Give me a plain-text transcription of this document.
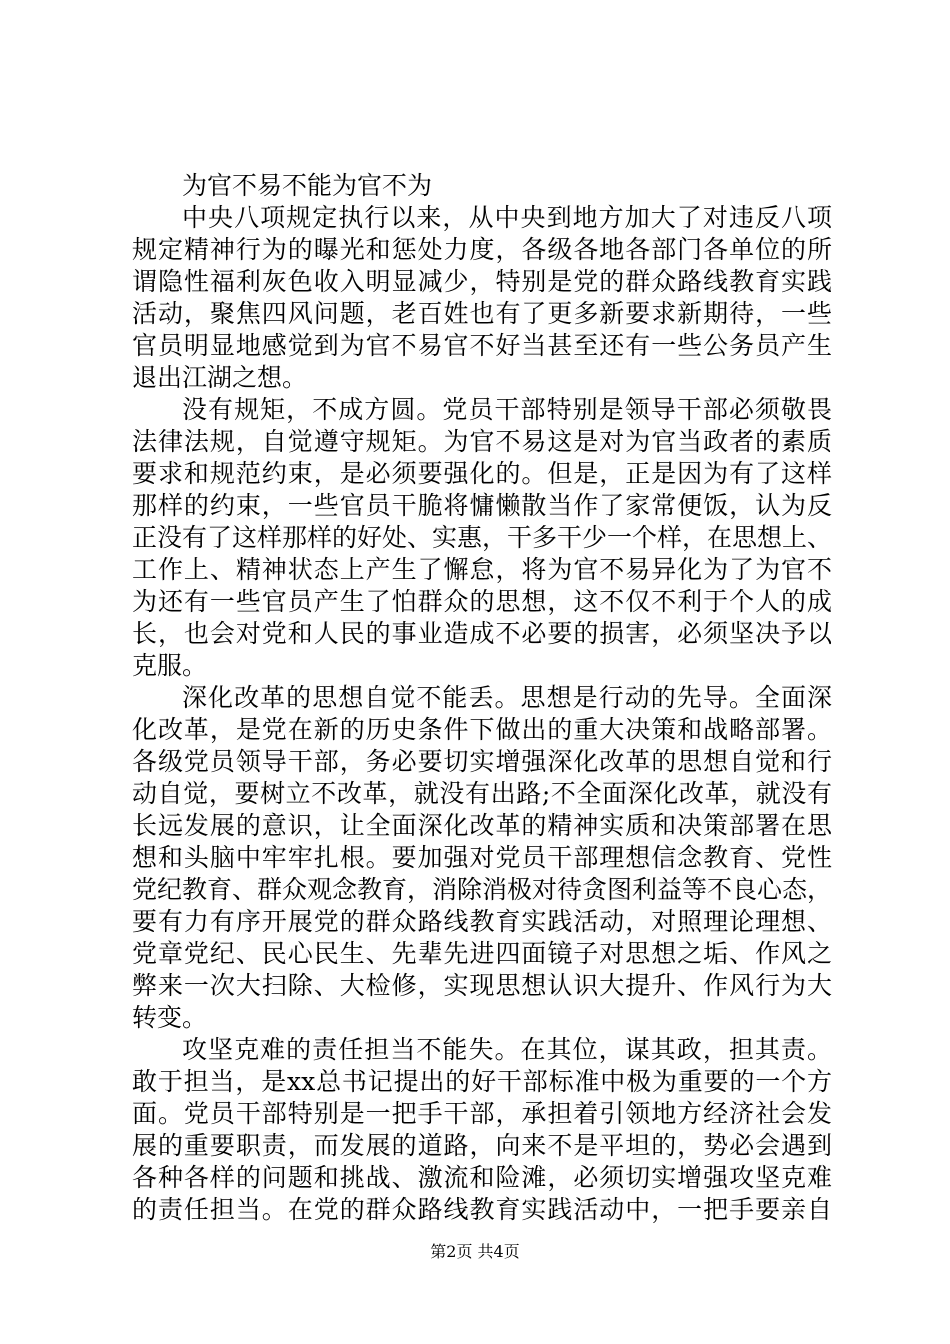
为官不易不能为官不为
中央八项规定执行以来，从中央到地方加大了对违反八项
规定精神行为的曝光和惩处力度，各级各地各部门各单位的所
谓隐性福利灰色收入明显减少，特别是党的群众路线教育实践
活动，聚焦四风问题，老百姓也有了更多新要求新期待，一些
官员明显地感觉到为官不易官不好当甚至还有一些公务员产生
退出江湖之想。
没有规矩，不成方圆。党员干部特别是领导干部必须敬畏
法律法规，自觉遵守规矩。为官不易这是对为官当政者的素质
要求和规范约束，是必须要强化的。但是，正是因为有了这样
那样的约束，一些官员干脆将慵懒散当作了家常便饭，认为反
正没有了这样那样的好处、实惠，干多干少一个样，在思想上、
工作上、精神状态上产生了懈怠，将为官不易异化为了为官不
为还有一些官员产生了怕群众的思想，这不仅不利于个人的成
长，也会对党和人民的事业造成不必要的损害，必须坚决予以
克服。
深化改革的思想自觉不能丢。思想是行动的先导。全面深
化改革，是党在新的历史条件下做出的重大决策和战略部署。
各级党员领导干部，务必要切实增强深化改革的思想自觉和行
动自觉，要树立不改革，就没有出路;不全面深化改革，就没有
长远发展的意识，让全面深化改革的精神实质和决策部署在思
想和头脑中牢牢扎根。要加强对党员干部理想信念教育、党性
党纪教育、群众观念教育，消除消极对待贪图利益等不良心态，
要有力有序开展党的群众路线教育实践活动，对照理论理想、
党章党纪、民心民生、先辈先进四面镜子对思想之垢、作风之
弊来一次大扫除、大检修，实现思想认识大提升、作风行为大
转变。
攻坚克难的责任担当不能失。在其位，谋其政，担其责。
敢于担当，是xx总书记提出的好干部标准中极为重要的一个方
面。党员干部特别是一把手干部，承担着引领地方经济社会发
展的重要职责，而发展的道路，向来不是平坦的，势必会遇到
各种各样的问题和挑战、激流和险滩，必须切实增强攻坚克难
的责任担当。在党的群众路线教育实践活动中，一把手要亲自
第2页 共4页
